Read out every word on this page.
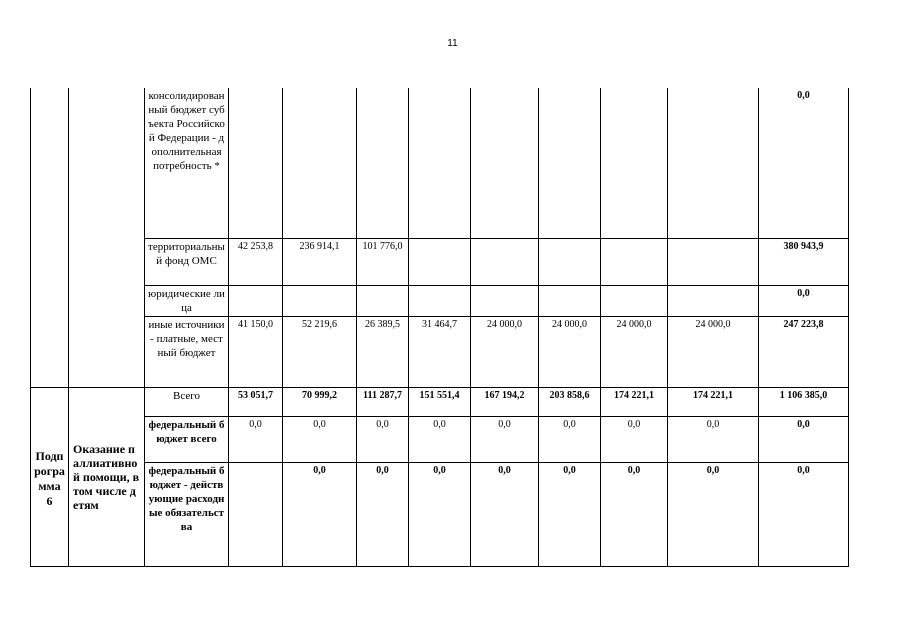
11
		консолидированный бюджет субъекта Российской Федерации - дополнительная потребность *									0,0
		территориальный фонд ОМС	42 253,8	236 914,1	101 776,0						380 943,9
		юридические лица									0,0
		иные источники - платные, местный бюджет	41 150,0	52 219,6	26 389,5	31 464,7	24 000,0	24 000,0	24 000,0	24 000,0	247 223,8
Подпрограмма 6	Оказание паллиативной помощи, в том числе детям	Всего	53 051,7	70 999,2	111 287,7	151 551,4	167 194,2	203 858,6	174 221,1	174 221,1	1 106 385,0
		федеральный бюджет всего	0,0	0,0	0,0	0,0	0,0	0,0	0,0	0,0	0,0
		федеральный бюджет - действующие расходные обязательства		0,0	0,0	0,0	0,0	0,0	0,0	0,0	0,0
